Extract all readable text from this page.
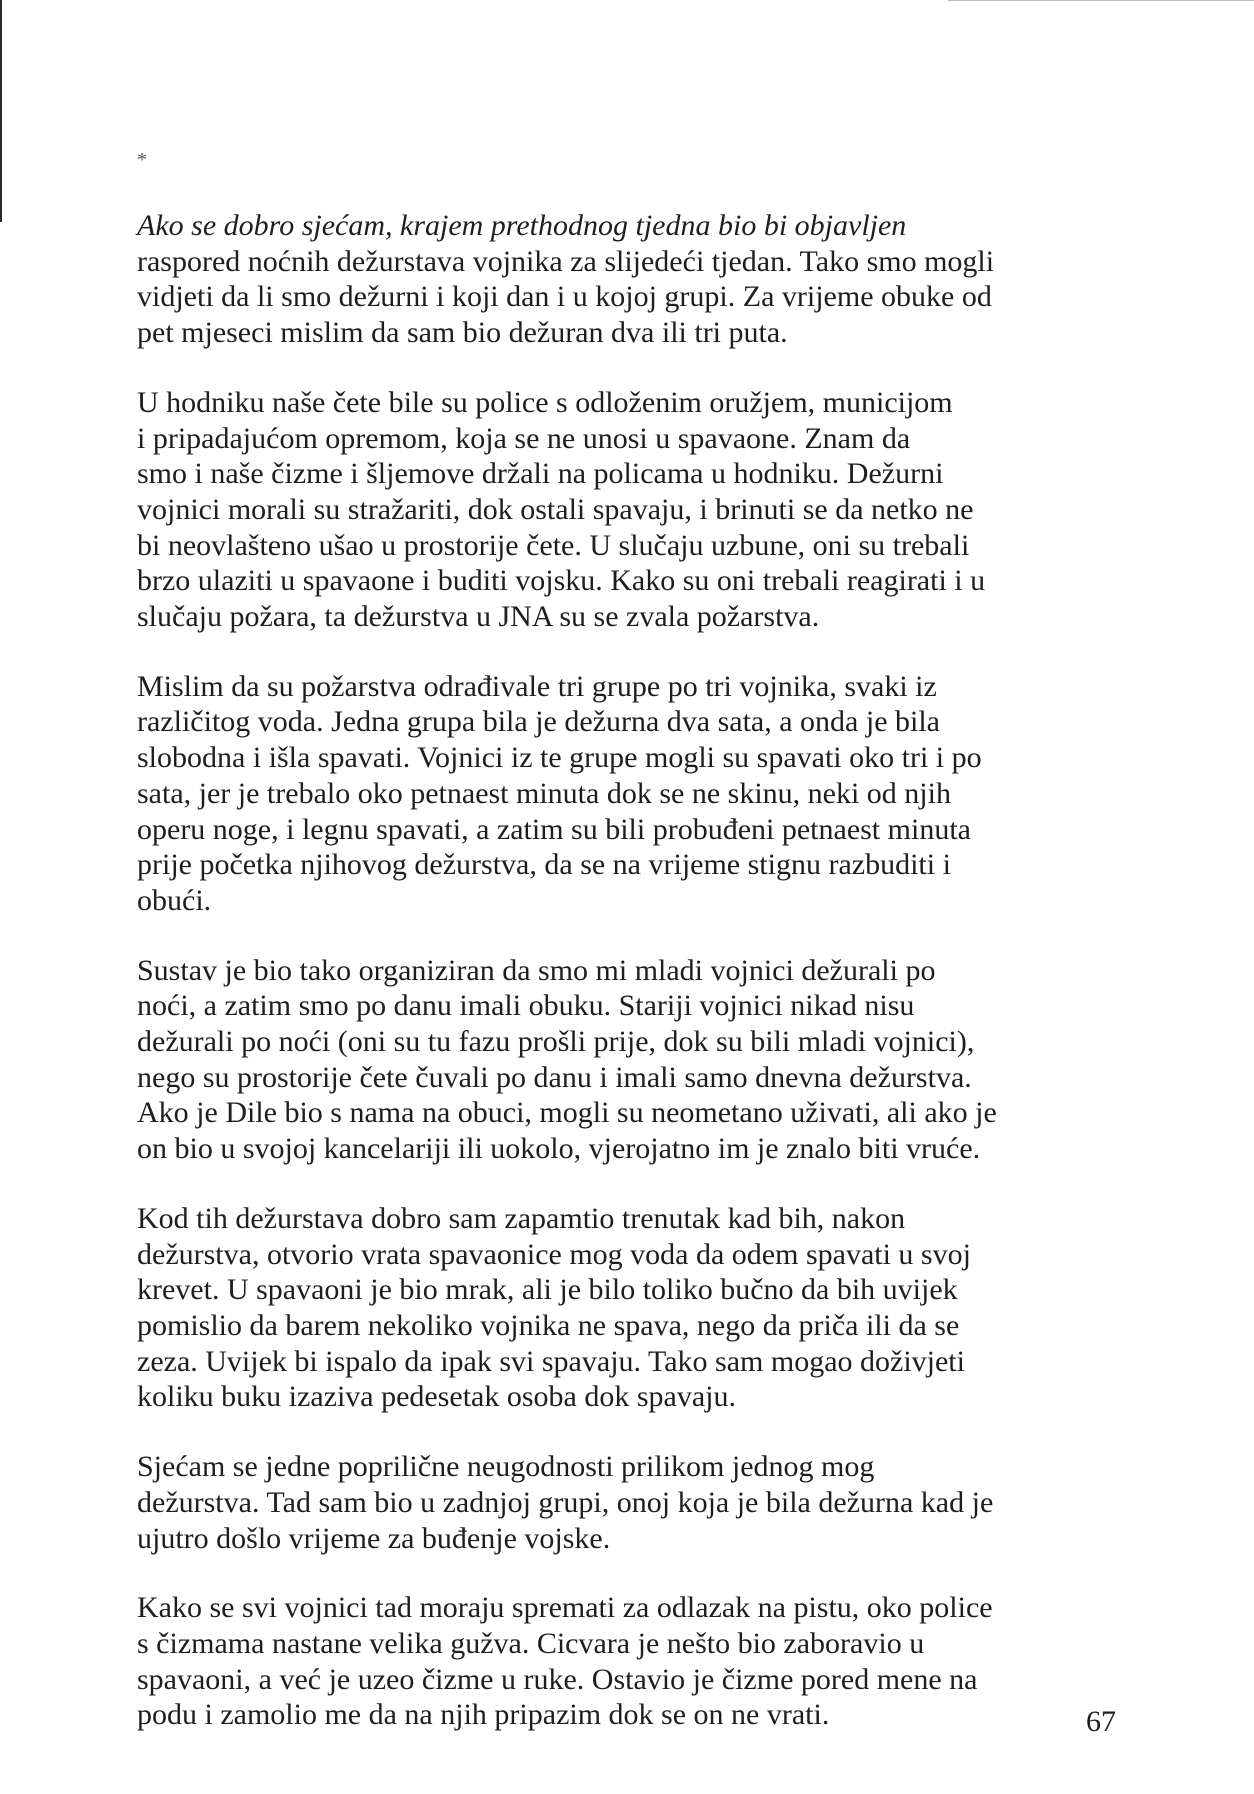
*

Ako se dobro sjećam, krajem prethodnog tjedna bio bi objavljen
raspored noćnih dežurstava vojnika za slijedeći tjedan. Tako smo mogli
vidjeti da li smo dežurni i koji dan i u kojoj grupi. Za vrijeme obuke od
pet mjeseci mislim da sam bio dežuran dva ili tri puta.

U hodniku naše čete bile su police s odloženim oružjem, municijom
i pripadajućom opremom, koja se ne unosi u spavaone. Znam da
smo i naše čizme i šljemove držali na policama u hodniku. Dežurni
vojnici morali su stražariti, dok ostali spavaju, i brinuti se da netko ne
bi neovlašteno ušao u prostorije čete. U slučaju uzbune, oni su trebali
brzo ulaziti u spavaone i buditi vojsku. Kako su oni trebali reagirati i u
slučaju požara, ta dežurstva u JNA su se zvala požarstva.

Mislim da su požarstva odrađivale tri grupe po tri vojnika, svaki iz
različitog voda. Jedna grupa bila je dežurna dva sata, a onda je bila
slobodna i išla spavati. Vojnici iz te grupe mogli su spavati oko tri i po
sata, jer je trebalo oko petnaest minuta dok se ne skinu, neki od njih
operu noge, i legnu spavati, a zatim su bili probuđeni petnaest minuta
prije početka njihovog dežurstva, da se na vrijeme stignu razbuditi i
obući.

Sustav je bio tako organiziran da smo mi mladi vojnici dežurali po
noći, a zatim smo po danu imali obuku. Stariji vojnici nikad nisu
dežurali po noći (oni su tu fazu prošli prije, dok su bili mladi vojnici),
nego su prostorije čete čuvali po danu i imali samo dnevna dežurstva.
Ako je Dile bio s nama na obuci, mogli su neometano uživati, ali ako je
on bio u svojoj kancelariji ili uokolo, vjerojatno im je znalo biti vruće.

Kod tih dežurstava dobro sam zapamtio trenutak kad bih, nakon
dežurstva, otvorio vrata spavaonice mog voda da odem spavati u svoj
krevet. U spavaoni je bio mrak, ali je bilo toliko bučno da bih uvijek
pomislio da barem nekoliko vojnika ne spava, nego da priča ili da se
zeza. Uvijek bi ispalo da ipak svi spavaju. Tako sam mogao doživjeti
koliku buku izaziva pedesetak osoba dok spavaju.

Sjećam se jedne popriličnе neugodnosti prilikom jednog mog
dežurstva. Tad sam bio u zadnjoj grupi, onoj koja je bila dežurna kad je
ujutro došlo vrijeme za buđenje vojske.

Kako se svi vojnici tad moraju spremati za odlazak na pistu, oko police
s čizmama nastane velika gužva. Cicvara je nešto bio zaboravio u
spavaoni, a već je uzeo čizme u ruke. Ostavio je čizme pored mene na
podu i zamolio me da na njih pripazim dok se on ne vrati.	67
